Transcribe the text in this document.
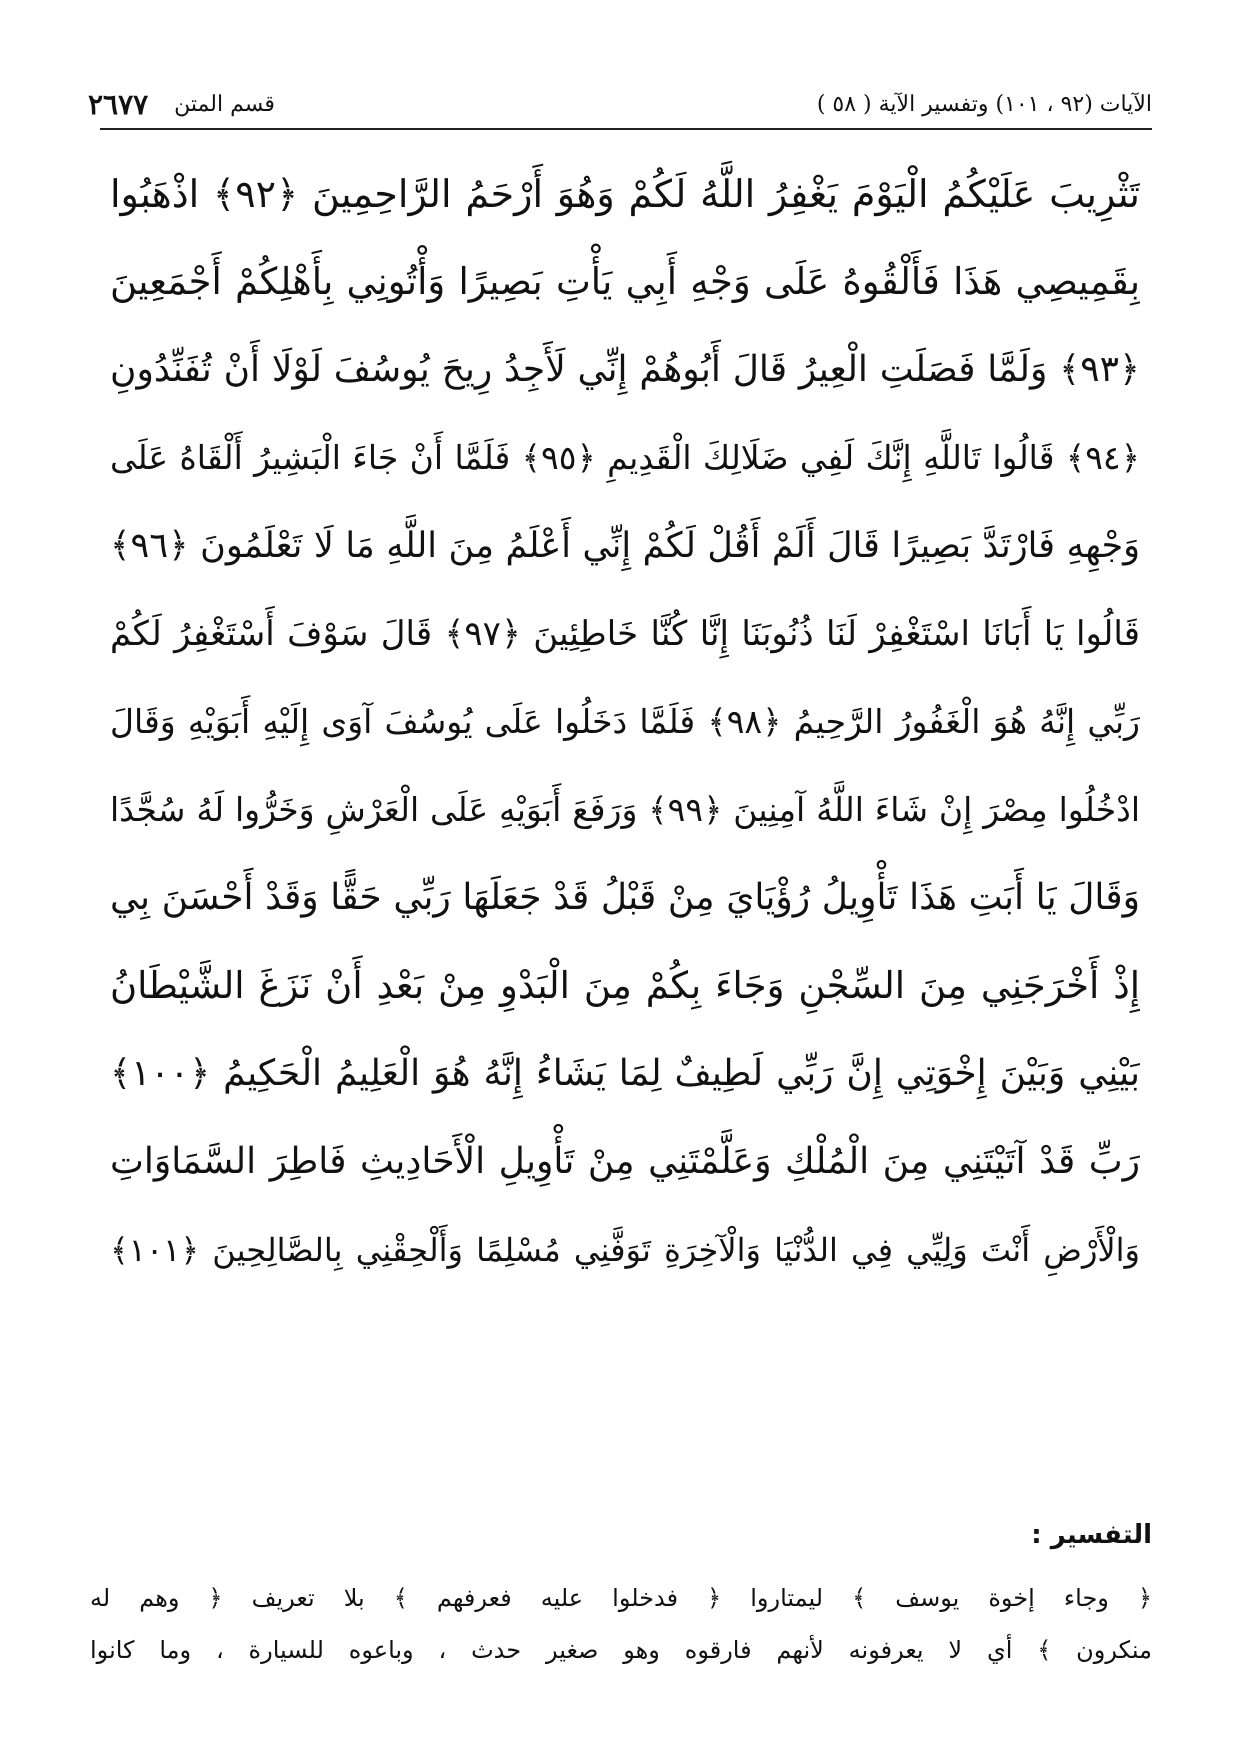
الآيات (٩٢ ، ١٠١) وتفسير الآية ( ٥٨ )
قسم المتن
٢٦٧٧
تَثْرِيبَ عَلَيْكُمُ الْيَوْمَ يَغْفِرُ اللَّهُ لَكُمْ وَهُوَ أَرْحَمُ الرَّاحِمِينَ ﴿٩٢﴾ اذْهَبُوا
بِقَمِيصِي هَذَا فَأَلْقُوهُ عَلَى وَجْهِ أَبِي يَأْتِ بَصِيرًا وَأْتُونِي بِأَهْلِكُمْ أَجْمَعِينَ
﴿٩٣﴾ وَلَمَّا فَصَلَتِ الْعِيرُ قَالَ أَبُوهُمْ إِنِّي لَأَجِدُ رِيحَ يُوسُفَ لَوْلَا أَنْ تُفَنِّدُونِ
﴿٩٤﴾ قَالُوا تَاللَّهِ إِنَّكَ لَفِي ضَلَالِكَ الْقَدِيمِ ﴿٩٥﴾ فَلَمَّا أَنْ جَاءَ الْبَشِيرُ أَلْقَاهُ عَلَى
وَجْهِهِ فَارْتَدَّ بَصِيرًا قَالَ أَلَمْ أَقُلْ لَكُمْ إِنِّي أَعْلَمُ مِنَ اللَّهِ مَا لَا تَعْلَمُونَ ﴿٩٦﴾
قَالُوا يَا أَبَانَا اسْتَغْفِرْ لَنَا ذُنُوبَنَا إِنَّا كُنَّا خَاطِئِينَ ﴿٩٧﴾ قَالَ سَوْفَ أَسْتَغْفِرُ لَكُمْ
رَبِّي إِنَّهُ هُوَ الْغَفُورُ الرَّحِيمُ ﴿٩٨﴾ فَلَمَّا دَخَلُوا عَلَى يُوسُفَ آوَى إِلَيْهِ أَبَوَيْهِ وَقَالَ
ادْخُلُوا مِصْرَ إِنْ شَاءَ اللَّهُ آمِنِينَ ﴿٩٩﴾ وَرَفَعَ أَبَوَيْهِ عَلَى الْعَرْشِ وَخَرُّوا لَهُ سُجَّدًا
وَقَالَ يَا أَبَتِ هَذَا تَأْوِيلُ رُؤْيَايَ مِنْ قَبْلُ قَدْ جَعَلَهَا رَبِّي حَقًّا وَقَدْ أَحْسَنَ بِي
إِذْ أَخْرَجَنِي مِنَ السِّجْنِ وَجَاءَ بِكُمْ مِنَ الْبَدْوِ مِنْ بَعْدِ أَنْ نَزَغَ الشَّيْطَانُ
بَيْنِي وَبَيْنَ إِخْوَتِي إِنَّ رَبِّي لَطِيفٌ لِمَا يَشَاءُ إِنَّهُ هُوَ الْعَلِيمُ الْحَكِيمُ ﴿١٠٠﴾
رَبِّ قَدْ آتَيْتَنِي مِنَ الْمُلْكِ وَعَلَّمْتَنِي مِنْ تَأْوِيلِ الْأَحَادِيثِ فَاطِرَ السَّمَاوَاتِ
وَالْأَرْضِ أَنْتَ وَلِيِّي فِي الدُّنْيَا وَالْآخِرَةِ تَوَفَّنِي مُسْلِمًا وَأَلْحِقْنِي بِالصَّالِحِينَ ﴿١٠١﴾
التفسير :
﴿ وجاء إخوة يوسف ﴾ ليمتاروا ﴿ فدخلوا عليه فعرفهم ﴾ بلا تعريف ﴿ وهم له
منكرون ﴾ أي لا يعرفونه لأنهم فارقوه وهو صغير حدث ، وباعوه للسيارة ، وما كانوا
